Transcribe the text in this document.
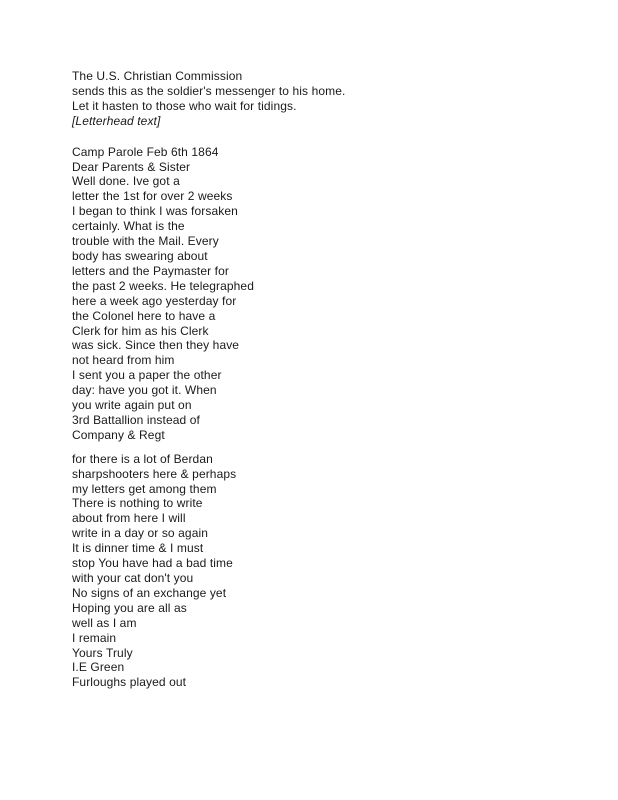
The U.S. Christian Commission
sends this as the soldier's messenger to his home.
Let it hasten to those who wait for tidings.
[Letterhead text]
Camp Parole Feb 6th 1864
Dear Parents & Sister
Well done. Ive got a
letter the 1st for over 2 weeks
I began to think I was forsaken
certainly. What is the
trouble with the Mail. Every
body has swearing about
letters and the Paymaster for
the past 2 weeks. He telegraphed
here a week ago yesterday for
the Colonel here to have a
Clerk for him as his Clerk
was sick. Since then they have
not heard from him
I sent you a paper the other
day: have you got it. When
you write again put on
3rd Battallion instead of
Company & Regt
for there is a lot of Berdan
sharpshooters here & perhaps
my letters get among them
There is nothing to write
about from here I will
write in a day or so again
It is dinner time & I must
stop You have had a bad time
with your cat don't you
No signs of an exchange yet
Hoping you are all as
well as I am
I remain
Yours Truly
I.E Green
Furloughs played out
